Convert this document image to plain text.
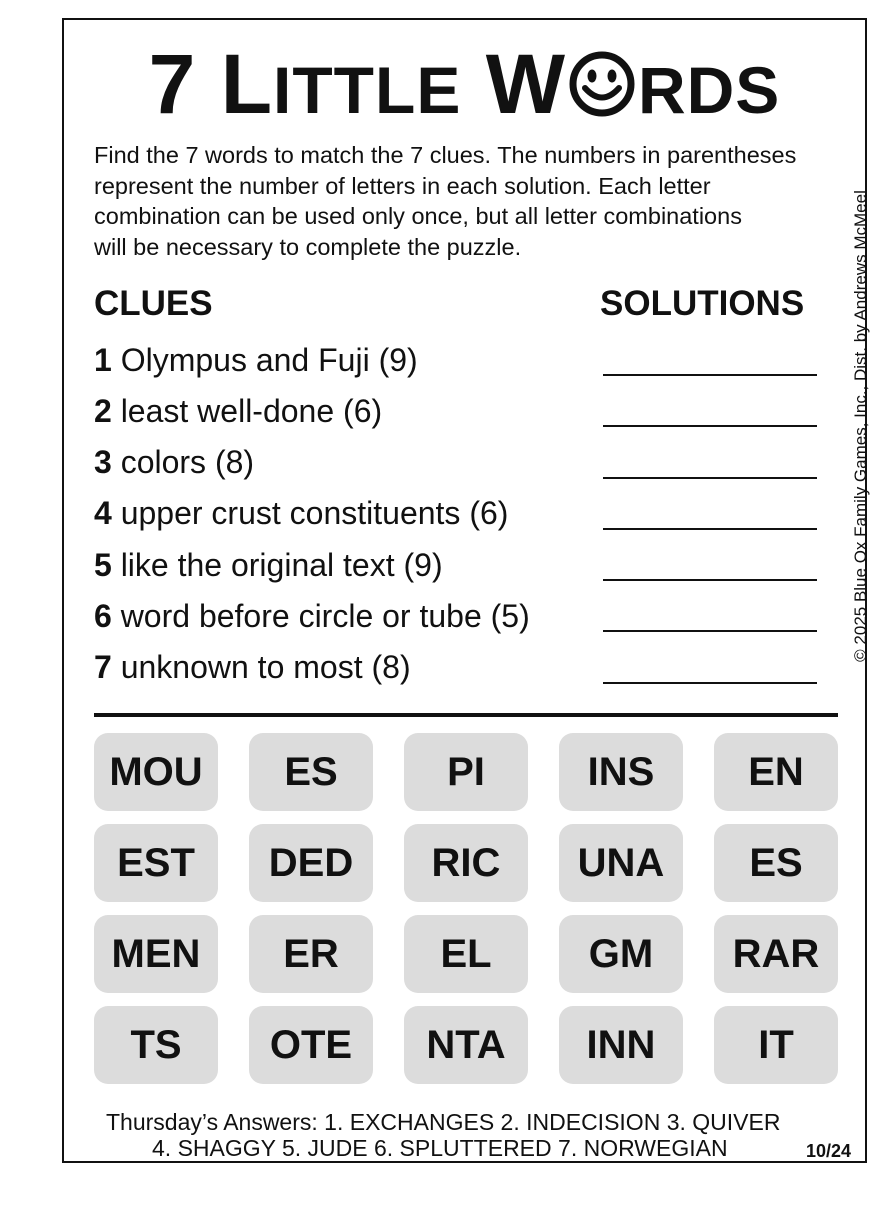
7 LITTLE W RDS

Find the 7 words to match the 7 clues. The numbers in parentheses
represent the number of letters in each solution. Each letter
combination can be used only once, but all letter combinations
will be necessary to complete the puzzle.	© 2025 Blue Ox Family Games, Inc., Dist. by Andrews McMeel
CLUES	SOLUTIONS
1 Olympus and Fuji (9)
2 least well-done (6)
3 colors (8)
4 upper crust constituents (6)
5 like the original text (9)
6 word before circle or tube (5)
7 unknown to most (8)
MOU	ES	PI	INS	EN
EST	DED	RIC	UNA	ES
MEN	ER	EL	GM	RAR
TS	OTE	NTA	INN	IT
Thursday’s Answers: 1. EXCHANGES 2. INDECISION 3. QUIVER
4. SHAGGY 5. JUDE 6. SPLUTTERED 7. NORWEGIAN	10/24
